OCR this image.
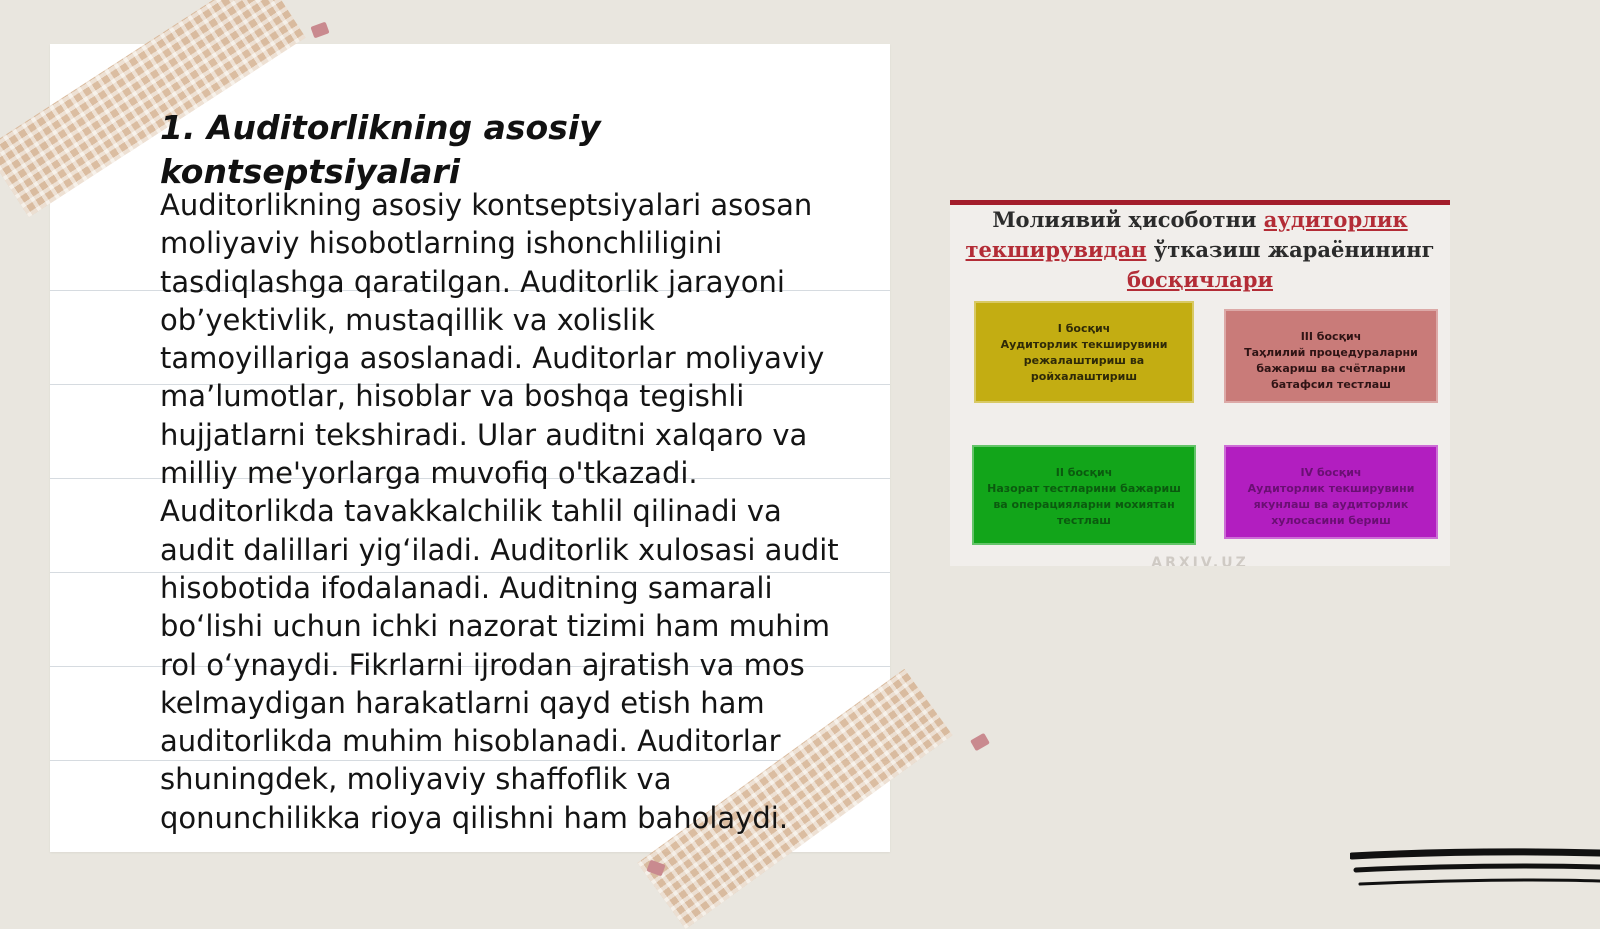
1. Auditorlikning asosiy kontseptsiyalari
Auditorlikning asosiy kontseptsiyalari asosan moliyaviy hisobotlarning ishonchliligini tasdiqlashga qaratilgan. Auditorlik jarayoni ob’yektivlik, mustaqillik va xolislik tamoyillariga asoslanadi. Auditorlar moliyaviy ma’lumotlar, hisoblar va boshqa tegishli hujjatlarni tekshiradi. Ular auditni xalqaro va milliy me'yorlarga muvofiq o'tkazadi. Auditorlikda tavakkalchilik tahlil qilinadi va audit dalillari yig‘iladi. Auditorlik xulosasi audit hisobotida ifodalanadi. Auditning samarali bo‘lishi uchun ichki nazorat tizimi ham muhim rol o‘ynaydi. Fikrlarni ijrodan ajratish va mos kelmaydigan harakatlarni qayd etish ham auditorlikda muhim hisoblanadi. Auditorlar shuningdek, moliyaviy shaffoflik va qonunchilikka rioya qilishni ham baholaydi.
Молиявий ҳисоботни аудиторлик текширувидан ўтказиш жараёнининг босқичлари
I босқич
Аудиторлик текширувини режалаштириш ва ройхалаштириш
III босқич
Таҳлилий процедураларни бажариш ва счётларни батафсил тестлаш
II босқич
Назорат тестларини бажариш ва операцияларни мохиятан тестлаш
IV босқич
Аудиторлик текширувини якунлаш ва аудиторлик хулосасини бериш
ARXIV.UZ
